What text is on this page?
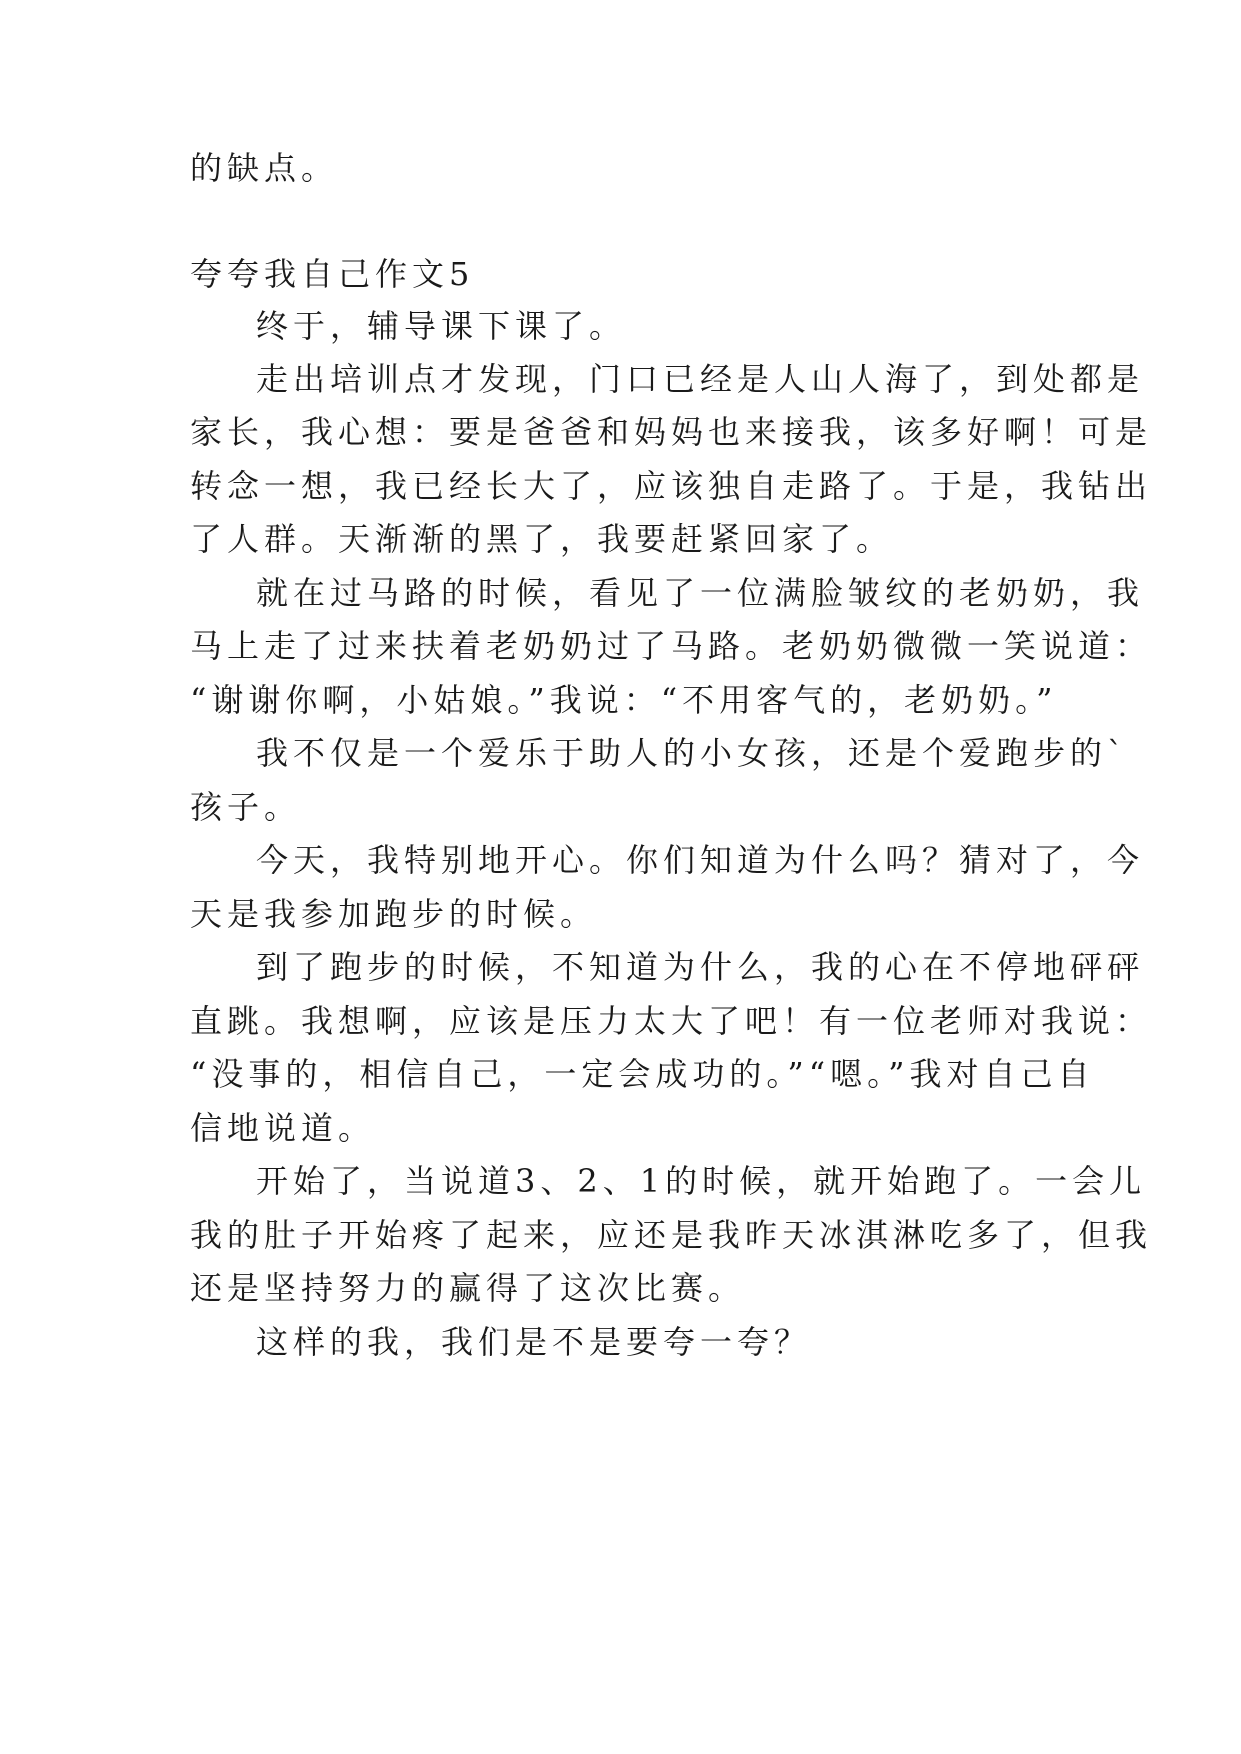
的缺点。
夸夸我自己作文5
终于，辅导课下课了。
走出培训点才发现，门口已经是人山人海了，到处都是
家长，我心想：要是爸爸和妈妈也来接我，该多好啊！可是
转念一想，我已经长大了，应该独自走路了。于是，我钻出
了人群。天渐渐的黑了，我要赶紧回家了。
就在过马路的时候，看见了一位满脸皱纹的老奶奶，我
马上走了过来扶着老奶奶过了马路。老奶奶微微一笑说道：
“谢谢你啊，小姑娘。”我说：“不用客气的，老奶奶。”
我不仅是一个爱乐于助人的小女孩，还是个爱跑步的`
孩子。
今天，我特别地开心。你们知道为什么吗？猜对了，今
天是我参加跑步的时候。
到了跑步的时候，不知道为什么，我的心在不停地砰砰
直跳。我想啊，应该是压力太大了吧！有一位老师对我说：
“没事的，相信自己，一定会成功的。”“嗯。”我对自己自
信地说道。
开始了，当说道3、2、1的时候，就开始跑了。一会儿
我的肚子开始疼了起来，应还是我昨天冰淇淋吃多了，但我
还是坚持努力的赢得了这次比赛。
这样的我，我们是不是要夸一夸？
